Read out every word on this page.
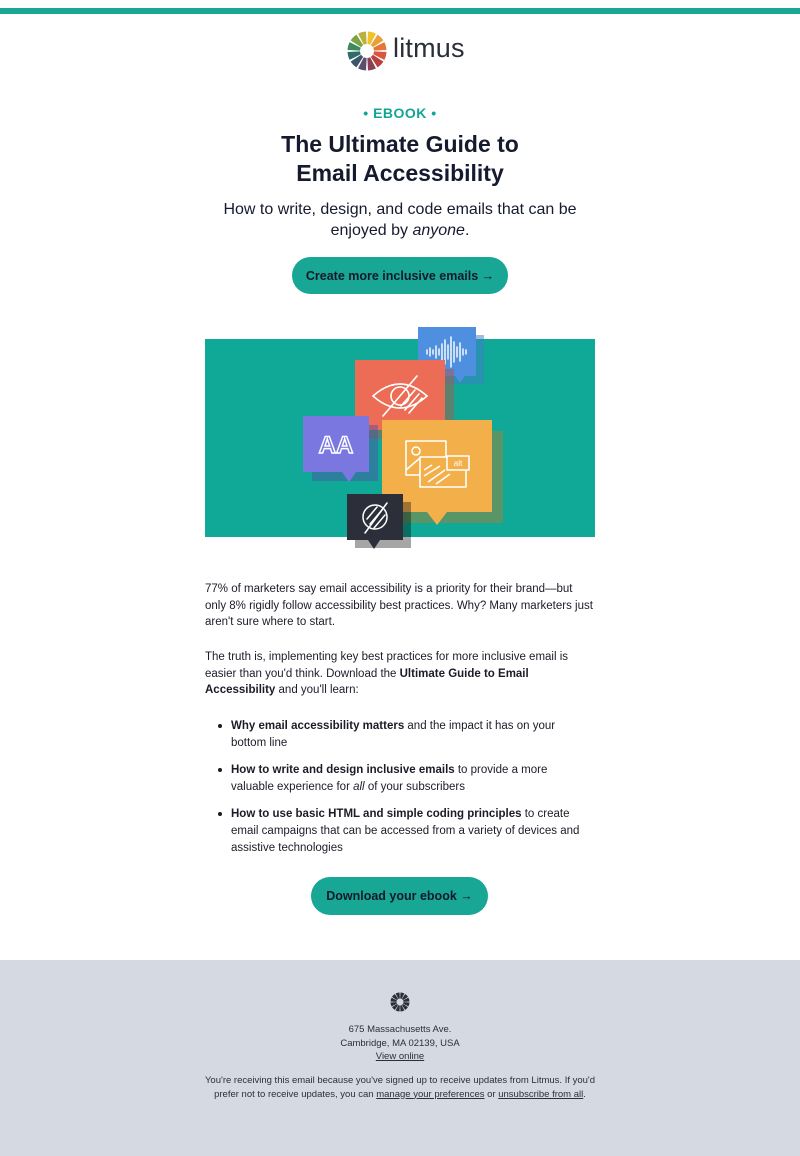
litmus
• EBOOK •
The Ultimate Guide to
Email Accessibility

How to write, design, and code emails that can be enjoyed by anyone.

Create more inclusive emails →
AA
alt

77% of marketers say email accessibility is a priority for their brand—but only 8% rigidly follow accessibility best practices. Why? Many marketers just aren't sure where to start.

The truth is, implementing key best practices for more inclusive email is easier than you'd think. Download the Ultimate Guide to Email Accessibility and you'll learn:

Why email accessibility matters and the impact it has on your bottom line
How to write and design inclusive emails to provide a more valuable experience for all of your subscribers
How to use basic HTML and simple coding principles to create email campaigns that can be accessed from a variety of devices and assistive technologies
Download your ebook →
675 Massachusetts Ave.
Cambridge, MA 02139, USA
View online
You're receiving this email because you've signed up to receive updates from Litmus. If you'd prefer not to receive updates, you can manage your preferences or unsubscribe from all.
